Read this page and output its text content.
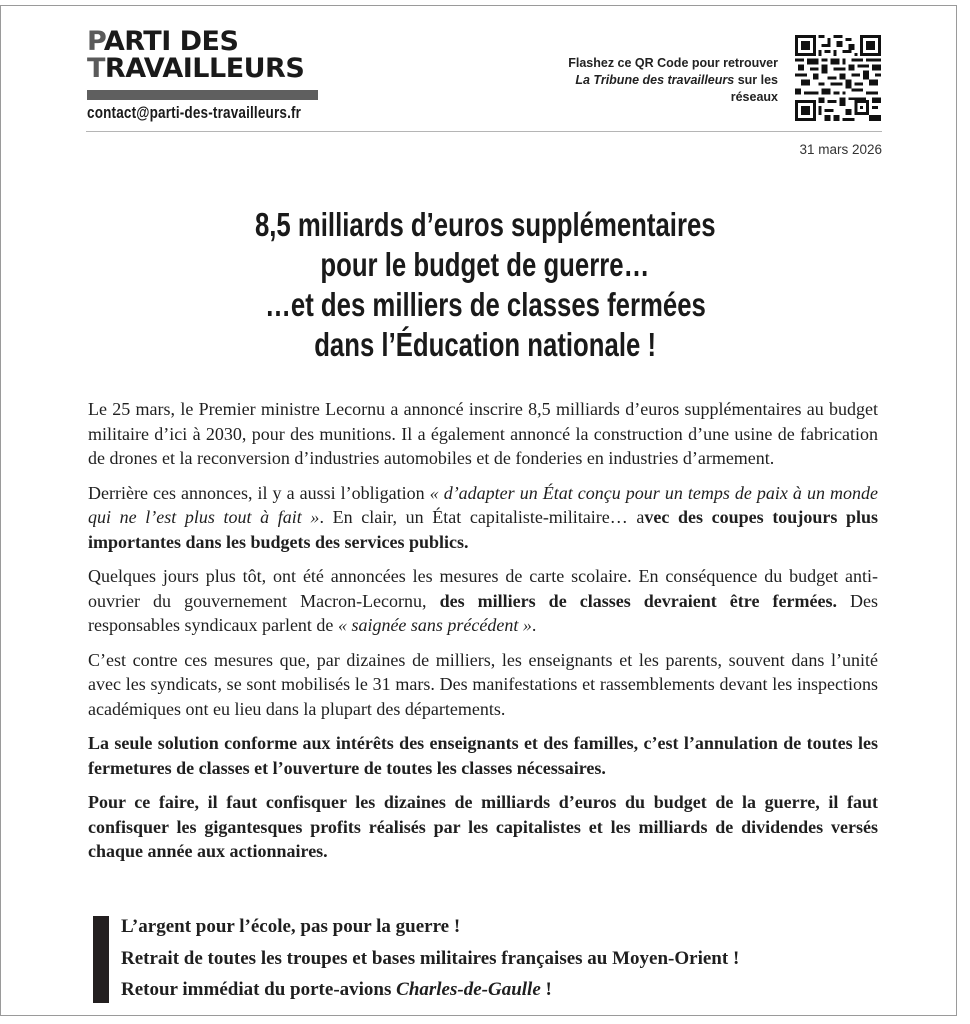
PARTI DES
TRAVAILLEURS
contact@parti-des-travailleurs.fr
Flashez ce QR Code pour retrouver La Tribune des travailleurs sur les réseaux
31 mars 2026
8,5 milliards d’euros supplémentaires
pour le budget de guerre…
…et des milliers de classes fermées
dans l’Éducation nationale !

Le 25 mars, le Premier ministre Lecornu a annoncé inscrire 8,5 milliards d’euros supplémentaires au budget militaire d’ici à 2030, pour des munitions. Il a également annoncé la construction d’une usine de fabrication de drones et la reconversion d’industries automobiles et de fonderies en industries d’armement.

Derrière ces annonces, il y a aussi l’obligation « d’adapter un État conçu pour un temps de paix à un monde qui ne l’est plus tout à fait ». En clair, un État capitaliste-militaire… avec des coupes toujours plus importantes dans les budgets des services publics.

Quelques jours plus tôt, ont été annoncées les mesures de carte scolaire. En conséquence du budget anti-ouvrier du gouvernement Macron-Lecornu, des milliers de classes devraient être fermées. Des responsables syndicaux parlent de « saignée sans précédent ».

C’est contre ces mesures que, par dizaines de milliers, les enseignants et les parents, souvent dans l’unité avec les syndicats, se sont mobilisés le 31 mars. Des manifestations et rassemblements devant les inspections académiques ont eu lieu dans la plupart des départements.

La seule solution conforme aux intérêts des enseignants et des familles, c’est l’annulation de toutes les fermetures de classes et l’ouverture de toutes les classes nécessaires.

Pour ce faire, il faut confisquer les dizaines de milliards d’euros du budget de la guerre, il faut confisquer les gigantesques profits réalisés par les capitalistes et les milliards de dividendes versés chaque année aux actionnaires.

L’argent pour l’école, pas pour la guerre !
Retrait de toutes les troupes et bases militaires françaises au Moyen-Orient !
Retour immédiat du porte-avions Charles-de-Gaulle !
